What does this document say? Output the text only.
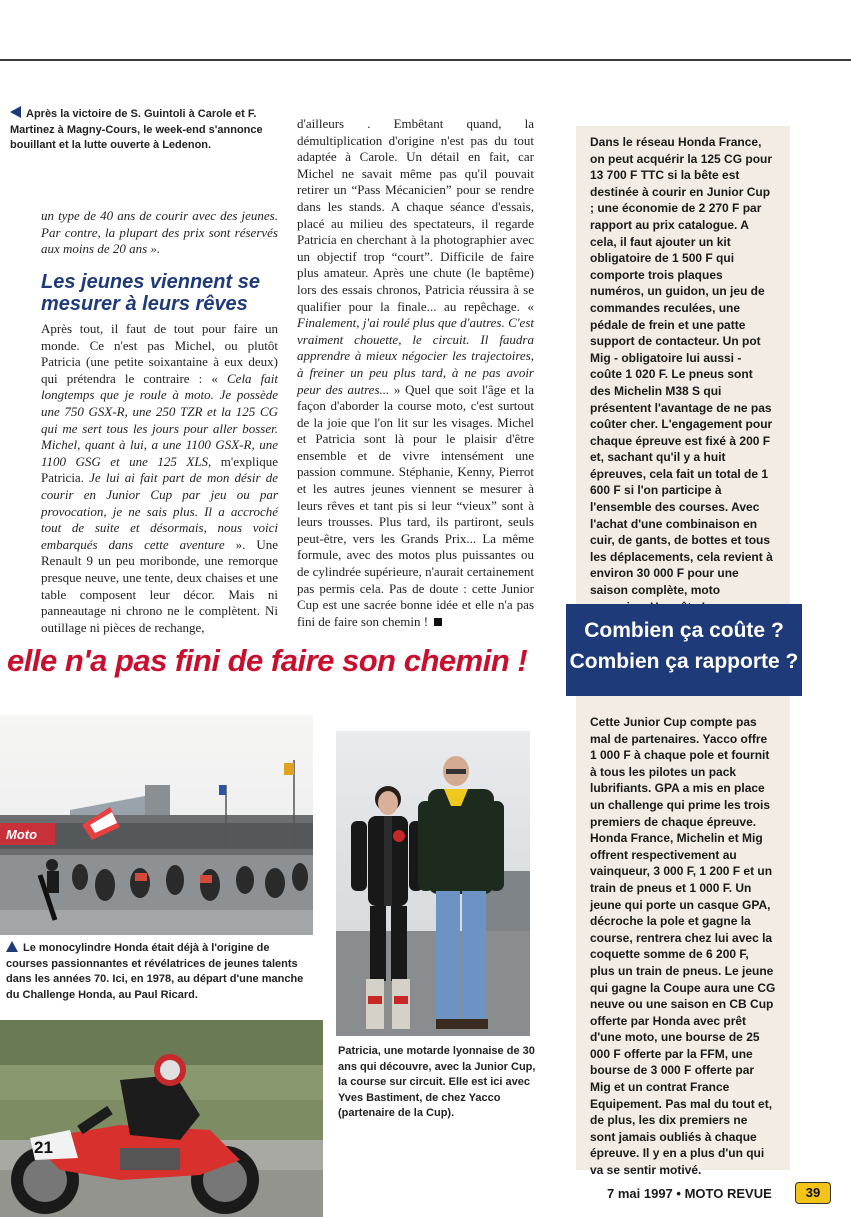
Après la victoire de S. Guintoli à Carole et F. Martinez à Magny-Cours, le week-end s'annonce bouillant et la lutte ouverte à Ledenon.

un type de 40 ans de courir avec des jeunes. Par contre, la plupart des prix sont réservés aux moins de 20 ans ».

Les jeunes viennent se mesurer à leurs rêves

Après tout, il faut de tout pour faire un monde. Ce n'est pas Michel, ou plutôt Patricia (une petite soixantaine à eux deux) qui prétendra le contraire : « Cela fait longtemps que je roule à moto. Je possède une 750 GSX-R, une 250 TZR et la 125 CG qui me sert tous les jours pour aller bosser. Michel, quant à lui, a une 1100 GSX-R, une 1100 GSG et une 125 XLS, m'explique Patricia. Je lui ai fait part de mon désir de courir en Junior Cup par jeu ou par provocation, je ne sais plus. Il a accroché tout de suite et désormais, nous voici embarqués dans cette aventure ». Une Renault 9 un peu moribonde, une remorque presque neuve, une tente, deux chaises et une table composent leur décor. Mais ni panneautage ni chrono ne le complètent. Ni outillage ni pièces de rechange,

d'ailleurs . Embêtant quand, la démultiplication d'origine n'est pas du tout adaptée à Carole. Un détail en fait, car Michel ne savait même pas qu'il pouvait retirer un “Pass Mécanicien” pour se rendre dans les stands. A chaque séance d'essais, placé au milieu des spectateurs, il regarde Patricia en cherchant à la photographier avec un objectif trop “court”. Difficile de faire plus amateur. Après une chute (le baptême) lors des essais chronos, Patricia réussira à se qualifier pour la finale... au repêchage. « Finalement, j'ai roulé plus que d'autres. C'est vraiment chouette, le circuit. Il faudra apprendre à mieux négocier les trajectoires, à freiner un peu plus tard, à ne pas avoir peur des autres... » Quel que soit l'âge et la façon d'aborder la course moto, c'est surtout de la joie que l'on lit sur les visages. Michel et Patricia sont là pour le plaisir d'être ensemble et de vivre intensément une passion commune. Stéphanie, Kenny, Pierrot et les autres jeunes viennent se mesurer à leurs rêves et tant pis si leur “vieux” sont à leurs trousses. Plus tard, ils partiront, seuls peut-être, vers les Grands Prix... La même formule, avec des motos plus puissantes ou de cylindrée supérieure, n'aurait certainement pas permis cela. Pas de doute : cette Junior Cup est une sacrée bonne idée et elle n'a pas fini de faire son chemin !

Dans le réseau Honda France, on peut acquérir la 125 CG pour 13 700 F TTC si la bête est destinée à courir en Junior Cup ; une économie de 2 270 F par rapport au prix catalogue. A cela, il faut ajouter un kit obligatoire de 1 500 F qui comporte trois plaques numéros, un guidon, un jeu de commandes reculées, une pédale de frein et une patte support de contacteur. Un pot Mig - obligatoire lui aussi - coûte 1 020 F. Le pneus sont des Michelin M38 S qui présentent l'avantage de ne pas coûter cher. L'engagement pour chaque épreuve est fixé à 200 F et, sachant qu'il y a huit épreuves, cela fait un total de 1 600 F si l'on participe à l'ensemble des courses. Avec l'achat d'une combinaison en cuir, de gants, de bottes et tous les déplacements, cela revient à environ 30 000 F pour une saison complète, moto
Combien ça coûte ?
Combien ça rapporte ?
Cette Junior Cup compte pas mal de partenaires. Yacco offre 1 000 F à chaque pole et fournit à tous les pilotes un pack lubrifiants. GPA a mis en place un challenge qui prime les trois premiers de chaque épreuve. Honda France, Michelin et Mig offrent respectivement au vainqueur, 3 000 F, 1 200 F et un train de pneus et 1 000 F. Un jeune qui porte un casque GPA, décroche la pole et gagne la course, rentrera chez lui avec la coquette somme de 6 200 F, plus un train de pneus. Le jeune qui gagne la Coupe aura une CG neuve ou une saison en CB Cup offerte par Honda avec prêt d'une moto, une bourse de 25 000 F offerte par la FFM, une bourse de 3 000 F offerte par Mig et un contrat France Equipement. Pas mal du tout et, de plus, les dix premiers ne sont jamais oubliés à chaque épreuve. Il y en a plus d'un qui va se sentir motivé.
elle n'a pas fini de faire son chemin !
Moto
Le monocylindre Honda était déjà à l'origine de courses passionnantes et révélatrices de jeunes talents dans les années 70. Ici, en 1978, au départ d'une manche du Challenge Honda, au Paul Ricard.
21
Patricia, une motarde lyonnaise de 30 ans qui découvre, avec la Junior Cup, la course sur circuit. Elle est ici avec Yves Bastiment, de chez Yacco (partenaire de la Cup).
7 mai 1997 • MOTO REVUE	39
